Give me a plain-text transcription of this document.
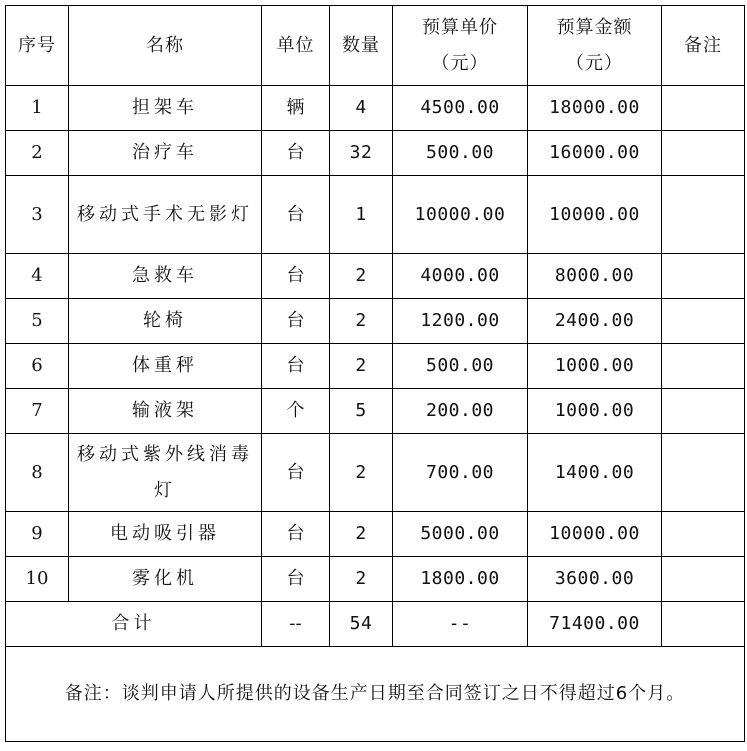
序号	名称	单位	数量	预算单价（元）	预算金额（元）	备注
1	担架车	辆	4	4500.00	18000.00	
2	治疗车	台	32	500.00	16000.00	
3	移动式手术无影灯	台	1	10000.00	10000.00	
4	急救车	台	2	4000.00	8000.00	
5	轮椅	台	2	1200.00	2400.00	
6	体重秤	台	2	500.00	1000.00	
7	输液架	个	5	200.00	1000.00	
8	移动式紫外线消毒灯	台	2	700.00	1400.00	
9	电动吸引器	台	2	5000.00	10000.00	
10	雾化机	台	2	1800.00	3600.00	
合计		--	54	--	71400.00	
备注：谈判申请人所提供的设备生产日期至合同签订之日不得超过6个月。						
